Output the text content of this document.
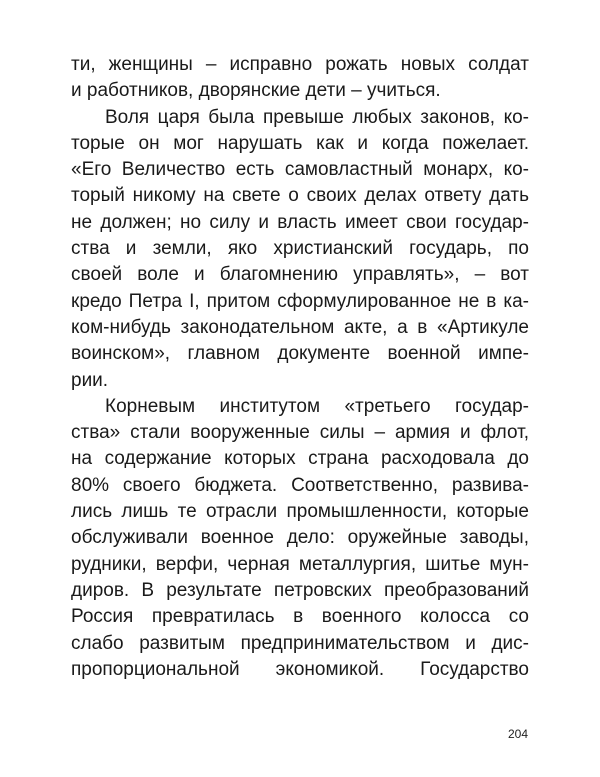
ти, женщины – исправно рожать новых солдат
и работников, дворянские дети – учиться.
Воля царя была превыше любых законов, ко-
торые он мог нарушать как и когда пожелает.
«Его Величество есть самовластный монарх, ко-
торый никому на свете о своих делах ответу дать
не должен; но силу и власть имеет свои государ-
ства и земли, яко христианский государь, по
своей воле и благомнению управлять», – вот
кредо Петра I, притом сформулированное не в ка-
ком-нибудь законодательном акте, а в «Артикуле
воинском», главном документе военной импе-
рии.
Корневым институтом «третьего государ-
ства» стали вооруженные силы – армия и флот,
на содержание которых страна расходовала до
80% своего бюджета. Соответственно, развива-
лись лишь те отрасли промышленности, которые
обслуживали военное дело: оружейные заводы,
рудники, верфи, черная металлургия, шитье мун-
диров. В результате петровских преобразований
Россия превратилась в военного колосса со
слабо развитым предпринимательством и дис-
пропорциональной экономикой. Государство
204
